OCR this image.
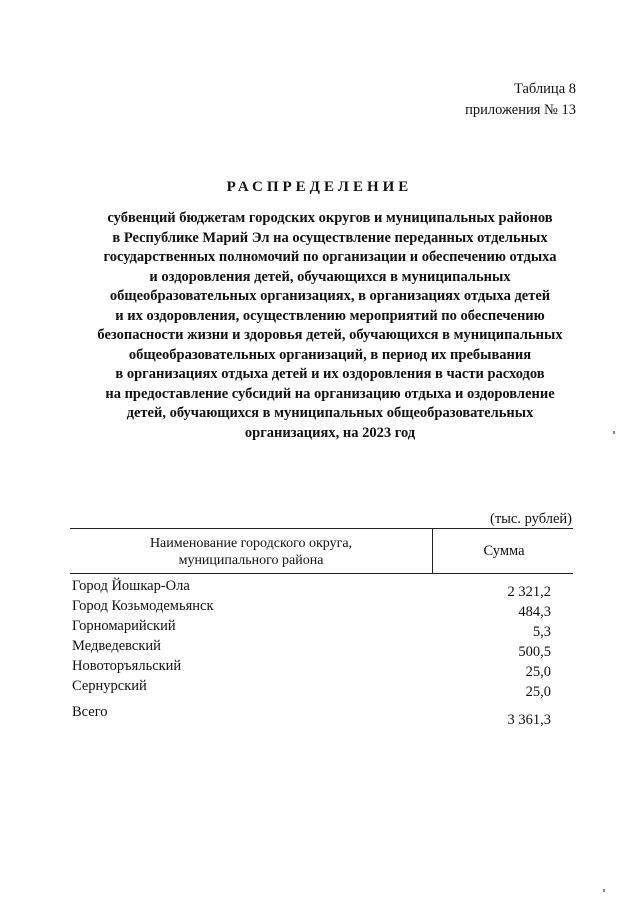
Таблица 8
приложения № 13
РАСПРЕДЕЛЕНИЕ
субвенций бюджетам городских округов и муниципальных районов
в Республике Марий Эл на осуществление переданных отдельных
государственных полномочий по организации и обеспечению отдыха
и оздоровления детей, обучающихся в муниципальных
общеобразовательных организациях, в организациях отдыха детей
и их оздоровления, осуществлению мероприятий по обеспечению
безопасности жизни и здоровья детей, обучающихся в муниципальных
общеобразовательных организаций, в период их пребывания
в организациях отдыха детей и их оздоровления в части расходов
на предоставление субсидий на организацию отдыха и оздоровление
детей, обучающихся в муниципальных общеобразовательных
организациях, на 2023 год
(тыс. рублей)
Наименование городского округа,
муниципального района
Сумма
Город Йошкар-Ола	2 321,2
Город Козьмодемьянск	484,3
Горномарийский	5,3
Медведевский	500,5
Новоторъяльский	25,0
Сернурский	25,0
Всего	3 361,3
